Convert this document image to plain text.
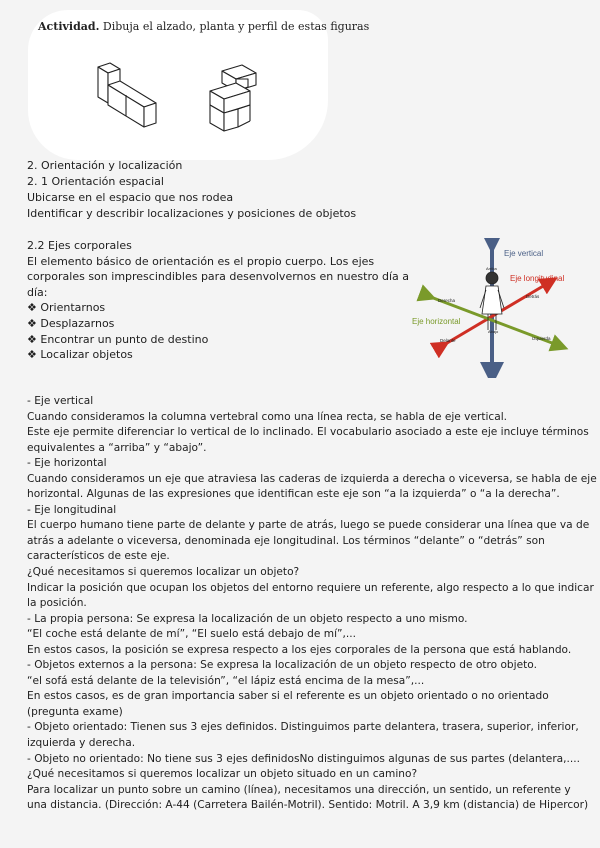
Actividad. Dibuja el alzado, planta y perfil de estas figuras
2. Orientación y localización
2. 1 Orientación espacial
Ubicarse en el espacio que nos rodea
Identificar y describir localizaciones y posiciones de objetos
2.2 Ejes corporales
El elemento básico de orientación es el propio cuerpo. Los ejes
corporales son imprescindibles para desenvolvernos en nuestro día a
día:
❖ Orientarnos
❖ Desplazarnos
❖ Encontrar un punto de destino
❖ Localizar objetos
Eje vertical
Eje longitudinal
Eje horizontal
Arriba
Abajo
Derecha
Detrás
Delante	Izquierda
- Eje vertical
Cuando consideramos la columna vertebral como una línea recta, se habla de eje vertical.
Este eje permite diferenciar lo vertical de lo inclinado. El vocabulario asociado a este eje incluye términos
equivalentes a “arriba” y “abajo”.
- Eje horizontal
Cuando consideramos un eje que atraviesa las caderas de izquierda a derecha o viceversa, se habla de eje
horizontal. Algunas de las expresiones que identifican este eje son “a la izquierda” o “a la derecha”.
- Eje longitudinal
El cuerpo humano tiene parte de delante y parte de atrás, luego se puede considerar una línea que va de
atrás a adelante o viceversa, denominada eje longitudinal. Los términos “delante” o “detrás” son
característicos de este eje.
¿Qué necesitamos si queremos localizar un objeto?
Indicar la posición que ocupan los objetos del entorno requiere un referente, algo respecto a lo que indicar
la posición.
- La propia persona: Se expresa la localización de un objeto respecto a uno mismo.
“El coche está delante de mí”, “El suelo está debajo de mí”,...
En estos casos, la posición se expresa respecto a los ejes corporales de la persona que está hablando.
- Objetos externos a la persona: Se expresa la localización de un objeto respecto de otro objeto.
“el sofá está delante de la televisión”, “el lápiz está encima de la mesa”,...
En estos casos, es de gran importancia saber si el referente es un objeto orientado o no orientado
(pregunta exame)
- Objeto orientado: Tienen sus 3 ejes definidos. Distinguimos parte delantera, trasera, superior, inferior,
izquierda y derecha.
- Objeto no orientado: No tiene sus 3 ejes definidosNo distinguimos algunas de sus partes (delantera,....
¿Qué necesitamos si queremos localizar un objeto situado en un camino?
Para localizar un punto sobre un camino (línea), necesitamos una dirección, un sentido, un referente y
una distancia. (Dirección: A-44 (Carretera Bailén-Motril). Sentido: Motril. A 3,9 km (distancia) de Hipercor)
